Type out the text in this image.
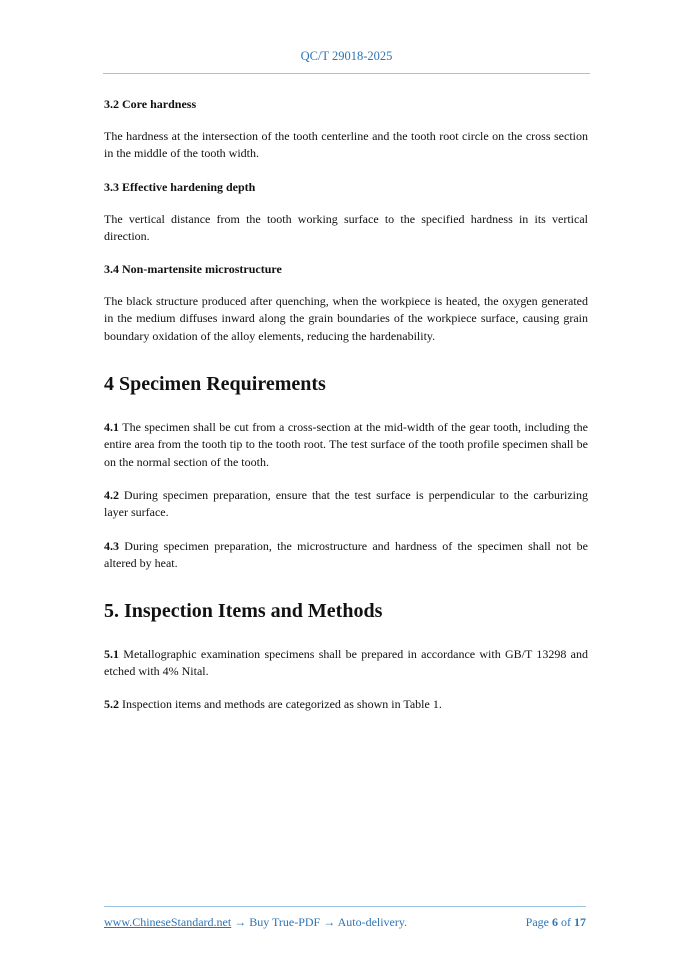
QC/T 29018-2025
3.2 Core hardness
The hardness at the intersection of the tooth centerline and the tooth root circle on the cross section in the middle of the tooth width.
3.3 Effective hardening depth
The vertical distance from the tooth working surface to the specified hardness in its vertical direction.
3.4 Non-martensite microstructure
The black structure produced after quenching, when the workpiece is heated, the oxygen generated in the medium diffuses inward along the grain boundaries of the workpiece surface, causing grain boundary oxidation of the alloy elements, reducing the hardenability.
4 Specimen Requirements
4.1 The specimen shall be cut from a cross-section at the mid-width of the gear tooth, including the entire area from the tooth tip to the tooth root. The test surface of the tooth profile specimen shall be on the normal section of the tooth.
4.2 During specimen preparation, ensure that the test surface is perpendicular to the carburizing layer surface.
4.3 During specimen preparation, the microstructure and hardness of the specimen shall not be altered by heat.
5. Inspection Items and Methods
5.1 Metallographic examination specimens shall be prepared in accordance with GB/T 13298 and etched with 4% Nital.
5.2 Inspection items and methods are categorized as shown in Table 1.
www.ChineseStandard.net → Buy True-PDF → Auto-delivery.	Page 6 of 17
